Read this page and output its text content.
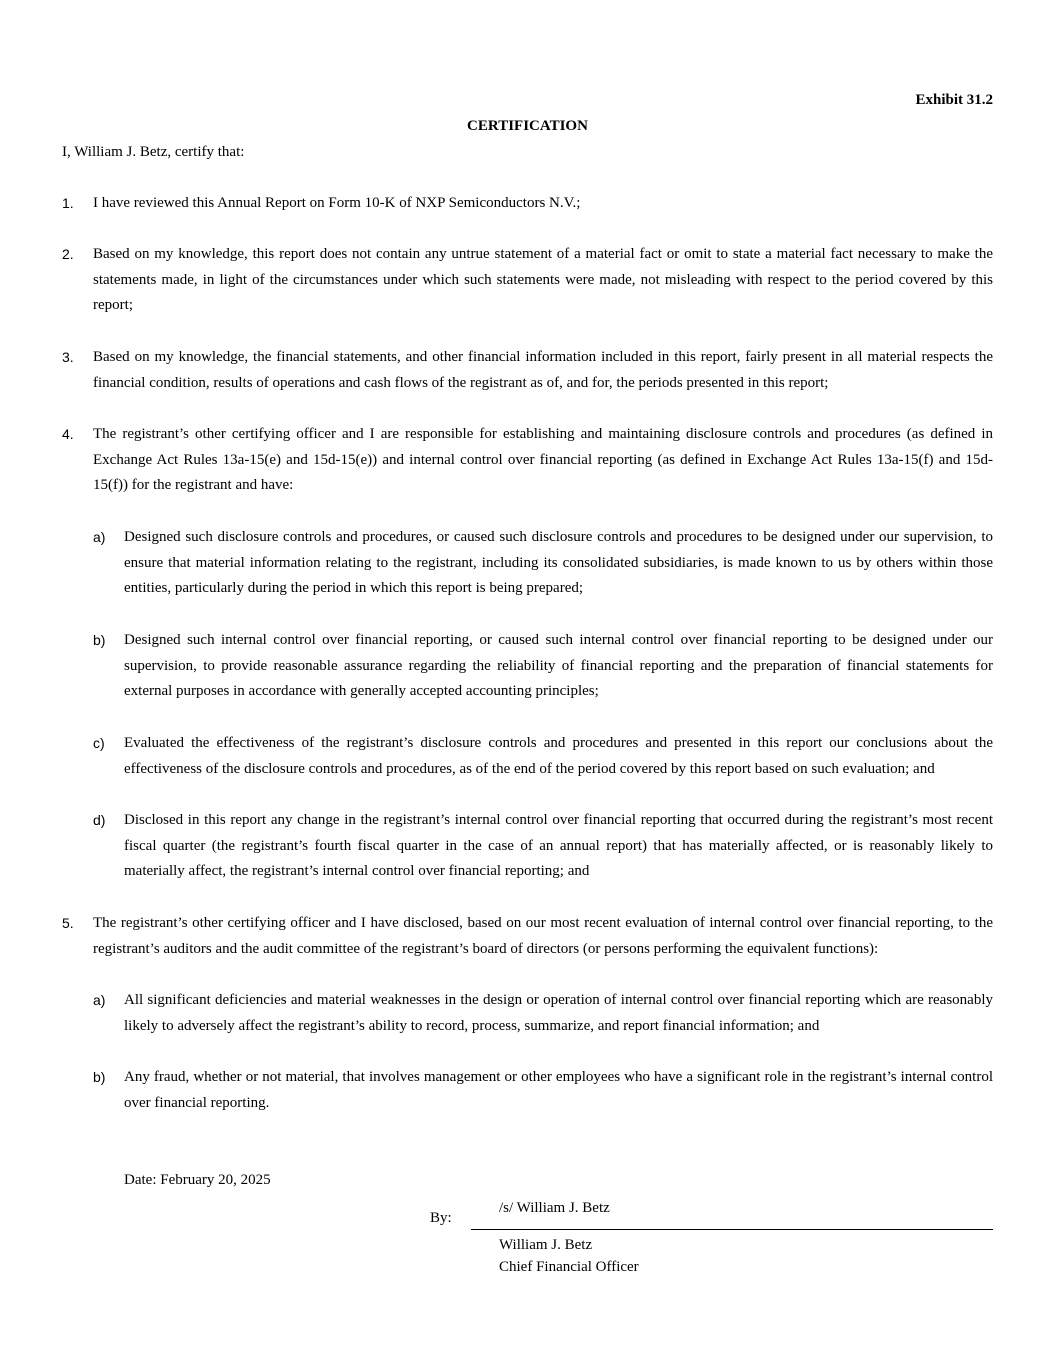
Exhibit 31.2
CERTIFICATION
I, William J. Betz, certify that:
1. I have reviewed this Annual Report on Form 10-K of NXP Semiconductors N.V.;
2. Based on my knowledge, this report does not contain any untrue statement of a material fact or omit to state a material fact necessary to make the statements made, in light of the circumstances under which such statements were made, not misleading with respect to the period covered by this report;
3. Based on my knowledge, the financial statements, and other financial information included in this report, fairly present in all material respects the financial condition, results of operations and cash flows of the registrant as of, and for, the periods presented in this report;
4. The registrant’s other certifying officer and I are responsible for establishing and maintaining disclosure controls and procedures (as defined in Exchange Act Rules 13a-15(e) and 15d-15(e)) and internal control over financial reporting (as defined in Exchange Act Rules 13a-15(f) and 15d-15(f)) for the registrant and have:
a) Designed such disclosure controls and procedures, or caused such disclosure controls and procedures to be designed under our supervision, to ensure that material information relating to the registrant, including its consolidated subsidiaries, is made known to us by others within those entities, particularly during the period in which this report is being prepared;
b) Designed such internal control over financial reporting, or caused such internal control over financial reporting to be designed under our supervision, to provide reasonable assurance regarding the reliability of financial reporting and the preparation of financial statements for external purposes in accordance with generally accepted accounting principles;
c) Evaluated the effectiveness of the registrant’s disclosure controls and procedures and presented in this report our conclusions about the effectiveness of the disclosure controls and procedures, as of the end of the period covered by this report based on such evaluation; and
d) Disclosed in this report any change in the registrant’s internal control over financial reporting that occurred during the registrant’s most recent fiscal quarter (the registrant’s fourth fiscal quarter in the case of an annual report) that has materially affected, or is reasonably likely to materially affect, the registrant’s internal control over financial reporting; and
5. The registrant’s other certifying officer and I have disclosed, based on our most recent evaluation of internal control over financial reporting, to the registrant’s auditors and the audit committee of the registrant’s board of directors (or persons performing the equivalent functions):
a) All significant deficiencies and material weaknesses in the design or operation of internal control over financial reporting which are reasonably likely to adversely affect the registrant’s ability to record, process, summarize, and report financial information; and
b) Any fraud, whether or not material, that involves management or other employees who have a significant role in the registrant’s internal control over financial reporting.
Date: February 20, 2025
By:
/s/ William J. Betz
William J. Betz
Chief Financial Officer
